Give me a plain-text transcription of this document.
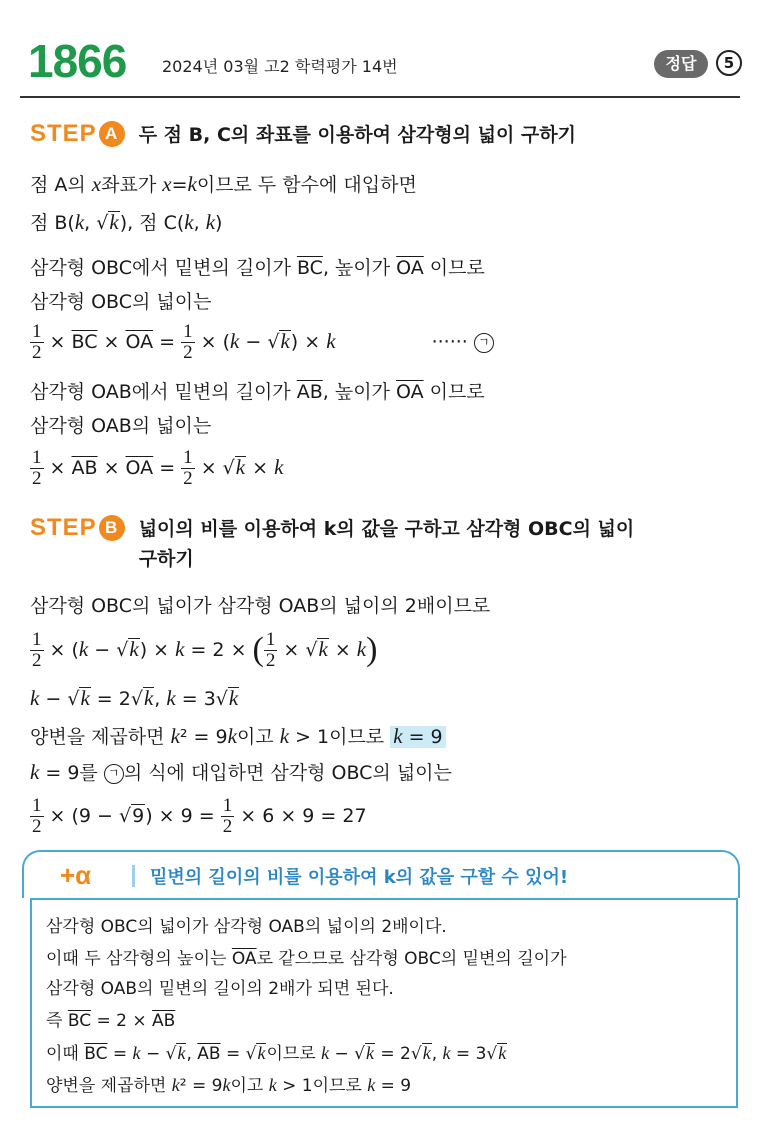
1866 2024년 03월 고2 학력평가 14번	정답	5
STEP A	두 점 B, C의 좌표를 이용하여 삼각형의 넓이 구하기
점 A의 x좌표가 x=k이므로 두 함수에 대입하면
점 B(k, √k), 점 C(k, k)
삼각형 OBC에서 밑변의 길이가 $\overline{BC}$, 높이가 $\overline{OA}$ 이므로
삼각형 OBC의 넓이는
$\frac{1}{2} \times \overline{BC} \times \overline{OA} = \frac{1}{2} \times (k - √k) \times k$	······ ㄱ
삼각형 OAB에서 밑변의 길이가 $\overline{AB}$, 높이가 $\overline{OA}$ 이므로
삼각형 OAB의 넓이는
$\frac{1}{2} \times \overline{AB} \times \overline{OA} = \frac{1}{2} \times √k \times k$
STEP B	넓이의 비를 이용하여 k의 값을 구하고 삼각형 OBC의 넓이
구하기
삼각형 OBC의 넓이가 삼각형 OAB의 넓이의 2배이므로
$\frac{1}{2} \times (k - √k) \times k = 2$ × ( $\frac{1}{2} \times √k \times k$)
k − √k = 2√k, k = 3√k
양변을 제곱하면 k² = 9k이고 k > 1이므로 k = 9
k = 9를 ㄱ 의 식에 대입하면 삼각형 OBC의 넓이는
$\frac{1}{2} \times (9 - √9) \times 9 = \frac{1}{2} \times 6 \times 9 = 27$
+α	밑변의 길이의 비를 이용하여 k의 값을 구할 수 있어!
삼각형 OBC의 넓이가 삼각형 OAB의 넓이의 2배이다.
이때 두 삼각형의 높이는 $\overline{OA}$로 같으므로 삼각형 OBC의 밑변의 길이가
삼각형 OAB의 밑변의 길이의 2배가 되면 된다.
즉 $\overline{BC} = 2 \times \overline{AB}$
이때 $\overline{BC} = k - √k$, $\overline{AB} = √k$이므로 k − √k = 2√k, k = 3√k
양변을 제곱하면 k² = 9k이고 k > 1이므로 k = 9
